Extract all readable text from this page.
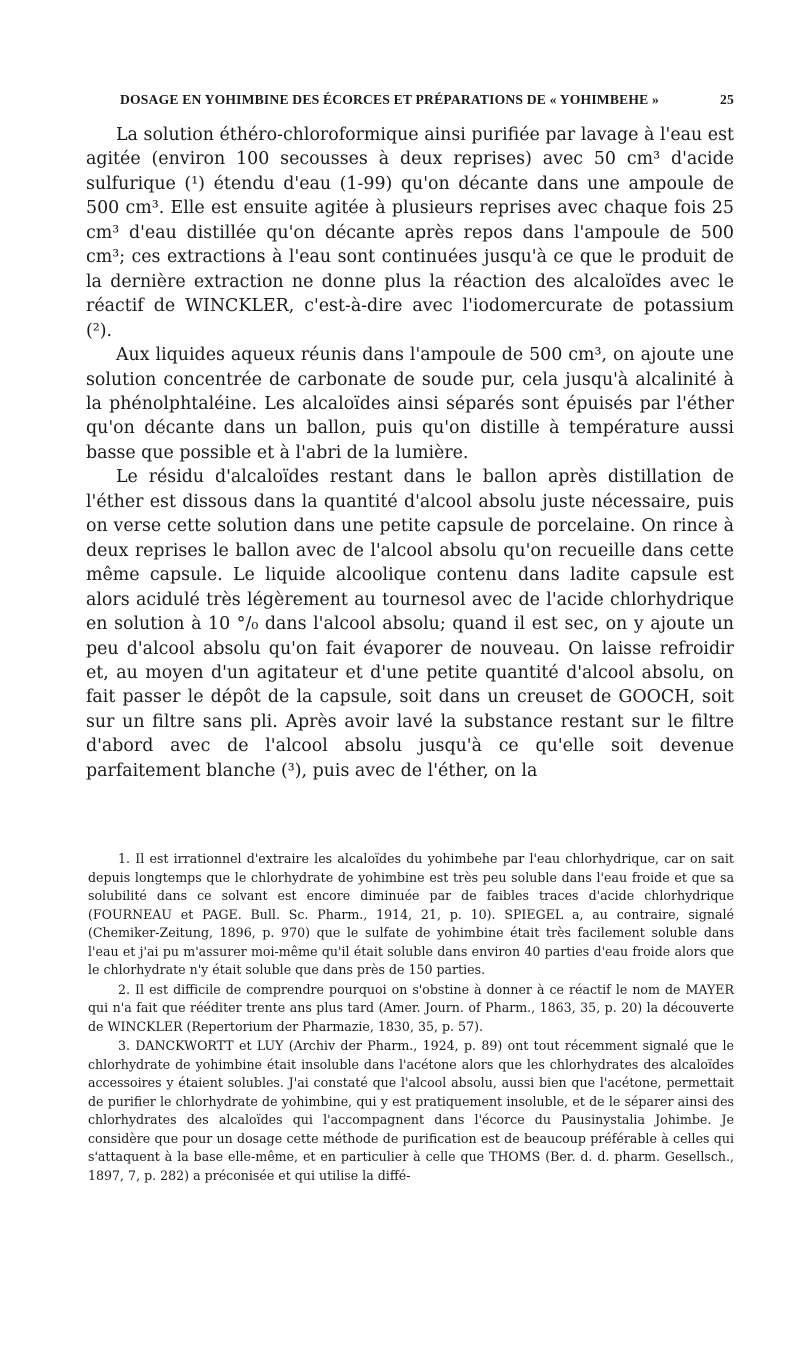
DOSAGE EN YOHIMBINE DES ÉCORCES ET PRÉPARATIONS DE « YOHIMBEHE »	25

La solution éthéro-chloroformique ainsi purifiée par lavage à l'eau est agitée (environ 100 secousses à deux reprises) avec 50 cm³ d'acide sulfurique (¹) étendu d'eau (1-99) qu'on décante dans une ampoule de 500 cm³. Elle est ensuite agitée à plusieurs reprises avec chaque fois 25 cm³ d'eau distillée qu'on décante après repos dans l'ampoule de 500 cm³; ces extractions à l'eau sont continuées jusqu'à ce que le produit de la dernière extraction ne donne plus la réaction des alcaloïdes avec le réactif de WINCKLER, c'est-à-dire avec l'iodomercurate de potassium (²).

Aux liquides aqueux réunis dans l'ampoule de 500 cm³, on ajoute une solution concentrée de carbonate de soude pur, cela jusqu'à alcalinité à la phénolphtaléine. Les alcaloïdes ainsi séparés sont épuisés par l'éther qu'on décante dans un ballon, puis qu'on distille à température aussi basse que possible et à l'abri de la lumière.

Le résidu d'alcaloïdes restant dans le ballon après distillation de l'éther est dissous dans la quantité d'alcool absolu juste nécessaire, puis on verse cette solution dans une petite capsule de porcelaine. On rince à deux reprises le ballon avec de l'alcool absolu qu'on recueille dans cette même capsule. Le liquide alcoolique contenu dans ladite capsule est alors acidulé très légèrement au tournesol avec de l'acide chlorhydrique en solution à 10 °/₀ dans l'alcool absolu; quand il est sec, on y ajoute un peu d'alcool absolu qu'on fait évaporer de nouveau. On laisse refroidir et, au moyen d'un agitateur et d'une petite quantité d'alcool absolu, on fait passer le dépôt de la capsule, soit dans un creuset de GOOCH, soit sur un filtre sans pli. Après avoir lavé la substance restant sur le filtre d'abord avec de l'alcool absolu jusqu'à ce qu'elle soit devenue parfaitement blanche (³), puis avec de l'éther, on la

1. Il est irrationnel d'extraire les alcaloïdes du yohimbehe par l'eau chlorhydrique, car on sait depuis longtemps que le chlorhydrate de yohimbine est très peu soluble dans l'eau froide et que sa solubilité dans ce solvant est encore diminuée par de faibles traces d'acide chlorhydrique (FOURNEAU et PAGE. Bull. Sc. Pharm., 1914, 21, p. 10). SPIEGEL a, au contraire, signalé (Chemiker-Zeitung, 1896, p. 970) que le sulfate de yohimbine était très facilement soluble dans l'eau et j'ai pu m'assurer moi-même qu'il était soluble dans environ 40 parties d'eau froide alors que le chlorhydrate n'y était soluble que dans près de 150 parties.

2. Il est difficile de comprendre pourquoi on s'obstine à donner à ce réactif le nom de MAYER qui n'a fait que rééditer trente ans plus tard (Amer. Journ. of Pharm., 1863, 35, p. 20) la découverte de WINCKLER (Repertorium der Pharmazie, 1830, 35, p. 57).

3. DANCKWORTT et LUY (Archiv der Pharm., 1924, p. 89) ont tout récemment signalé que le chlorhydrate de yohimbine était insoluble dans l'acétone alors que les chlorhydrates des alcaloïdes accessoires y étaient solubles. J'ai constaté que l'alcool absolu, aussi bien que l'acétone, permettait de purifier le chlorhydrate de yohimbine, qui y est pratiquement insoluble, et de le séparer ainsi des chlorhydrates des alcaloïdes qui l'accompagnent dans l'écorce du Pausinystalia Johimbe. Je considère que pour un dosage cette méthode de purification est de beaucoup préférable à celles qui s'attaquent à la base elle-même, et en particulier à celle que THOMS (Ber. d. d. pharm. Gesellsch., 1897, 7, p. 282) a préconisée et qui utilise la diffé-
